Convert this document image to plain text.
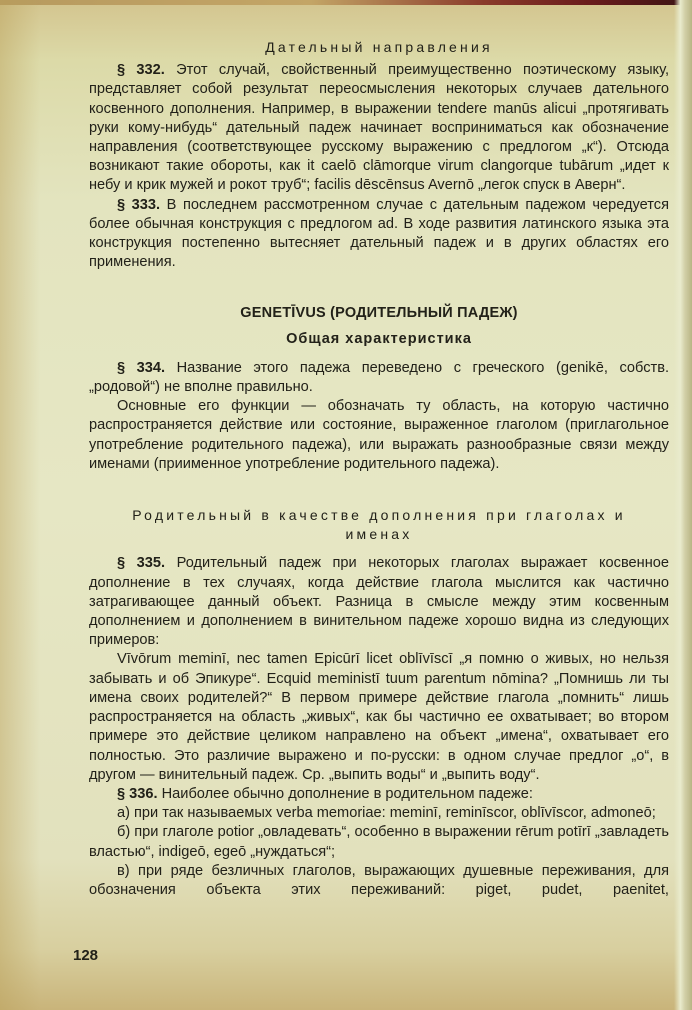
Дательный направления

§ 332. Этот случай, свойственный преимущественно поэтическому языку, представляет собой результат переосмысления некоторых случаев дательного косвенного дополнения. Например, в выражении tendere manūs alicui „протягивать руки кому-нибудь“ дательный падеж начинает восприниматься как обозначение направления (соответствующее русскому выражению с предлогом „к“). Отсюда возникают такие обороты, как it caelō clāmorque virum clangorque tubārum „идет к небу и крик мужей и рокот труб“; facilis dēscēnsus Avernō „легок спуск в Аверн“.

§ 333. В последнем рассмотренном случае с дательным падежом чередуется более обычная конструкция с предлогом ad. В ходе развития латинского языка эта конструкция постепенно вытесняет дательный падеж и в других областях его применения.

GENETĪVUS (РОДИТЕЛЬНЫЙ ПАДЕЖ)
Общая характеристика

§ 334. Название этого падежа переведено с греческого (genikē, собств. „родовой“) не вполне правильно.

Основные его функции — обозначать ту область, на которую частично распространяется действие или состояние, выраженное глаголом (приглагольное употребление родительного падежа), или выражать разнообразные связи между именами (приименное употребление родительного падежа).

Родительный в качестве дополнения при глаголах и именах

§ 335. Родительный падеж при некоторых глаголах выражает косвенное дополнение в тех случаях, когда действие глагола мыслится как частично затрагивающее данный объект. Разница в смысле между этим косвенным дополнением и дополнением в винительном падеже хорошо видна из следующих примеров:

Vīvōrum meminī, nec tamen Epicūrī licet oblīvīscī „я помню о живых, но нельзя забывать и об Эпикуре“. Ecquid meministī tuum parentum nōmina? „Помнишь ли ты имена своих родителей?“ В первом примере действие глагола „помнить“ лишь распространяется на область „живых“, как бы частично ее охватывает; во втором примере это действие целиком направлено на объект „имена“, охватывает его полностью. Это различие выражено и по-русски: в одном случае предлог „о“, в другом — винительный падеж. Ср. „выпить воды“ и „выпить воду“.

§ 336. Наиболее обычно дополнение в родительном падеже:

а) при так называемых verba memoriae: meminī, reminīscor, oblīvīscor, admoneō;

б) при глаголе potior „овладевать“, особенно в выражении rērum potīrī „завладеть властью“, indigeō, egeō „нуждаться“;

в) при ряде безличных глаголов, выражающих душевные переживания, для обозначения объекта этих переживаний: piget, pudet, paenitet,

128
